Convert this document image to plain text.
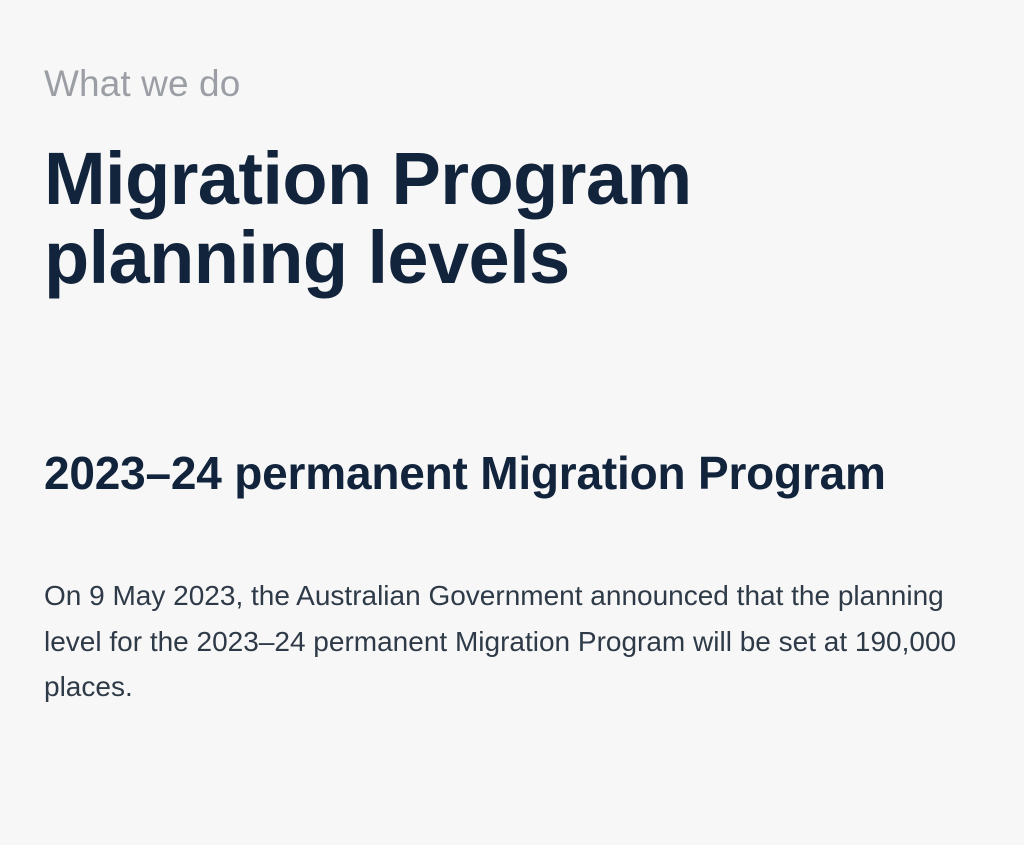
What we do
Migration Program planning levels
2023–24 permanent Migration Program

On 9 May 2023, the Australian Government announced that the planning level for the 2023–24 permanent Migration Program will be set at 190,000 places.
